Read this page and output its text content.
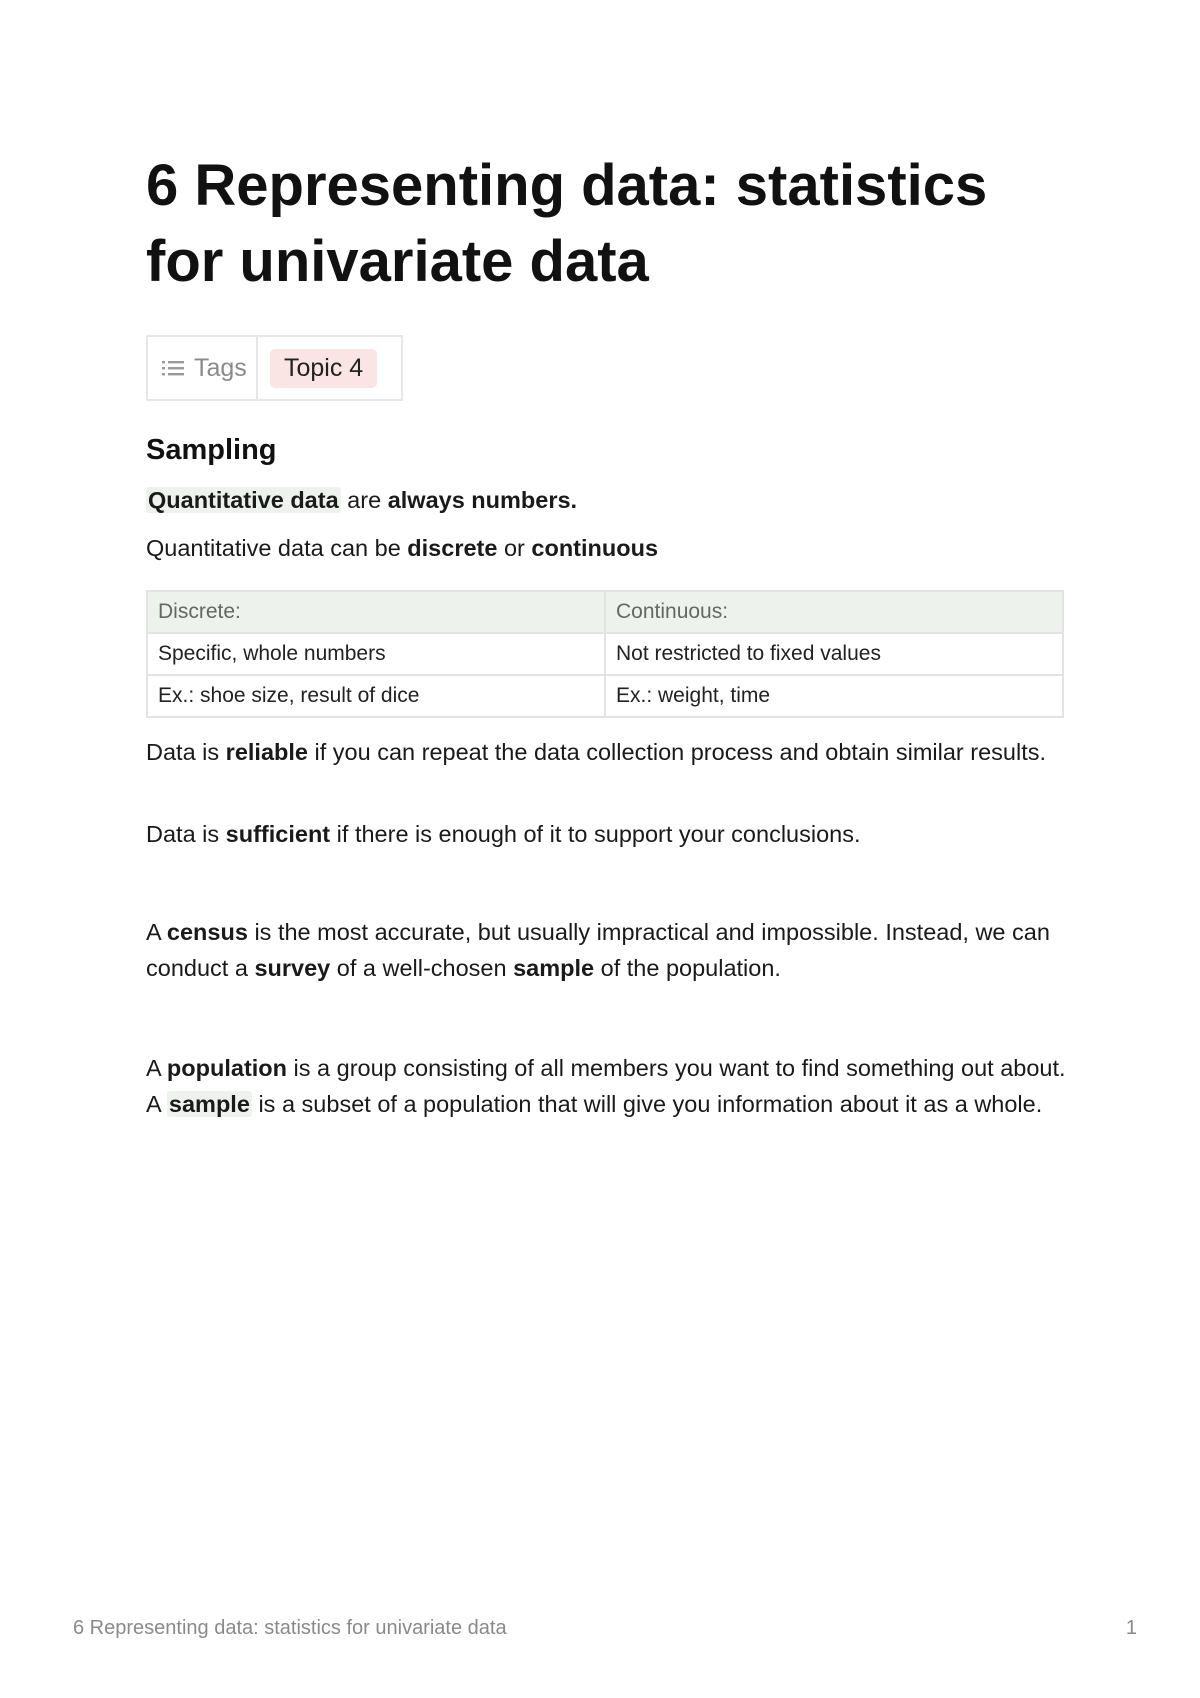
6 Representing data: statistics for univariate data
Tags	Topic 4
Sampling

Quantitative data are always numbers.

Quantitative data can be discrete or continuous

Discrete:	Continuous:
Specific, whole numbers	Not restricted to fixed values
Ex.: shoe size, result of dice	Ex.: weight, time

Data is reliable if you can repeat the data collection process and obtain similar results.

Data is sufficient if there is enough of it to support your conclusions.

A census is the most accurate, but usually impractical and impossible. Instead, we can conduct a survey of a well-chosen sample of the population.

A population is a group consisting of all members you want to find something out about. A sample is a subset of a population that will give you information about it as a whole.

6 Representing data: statistics for univariate data	1
